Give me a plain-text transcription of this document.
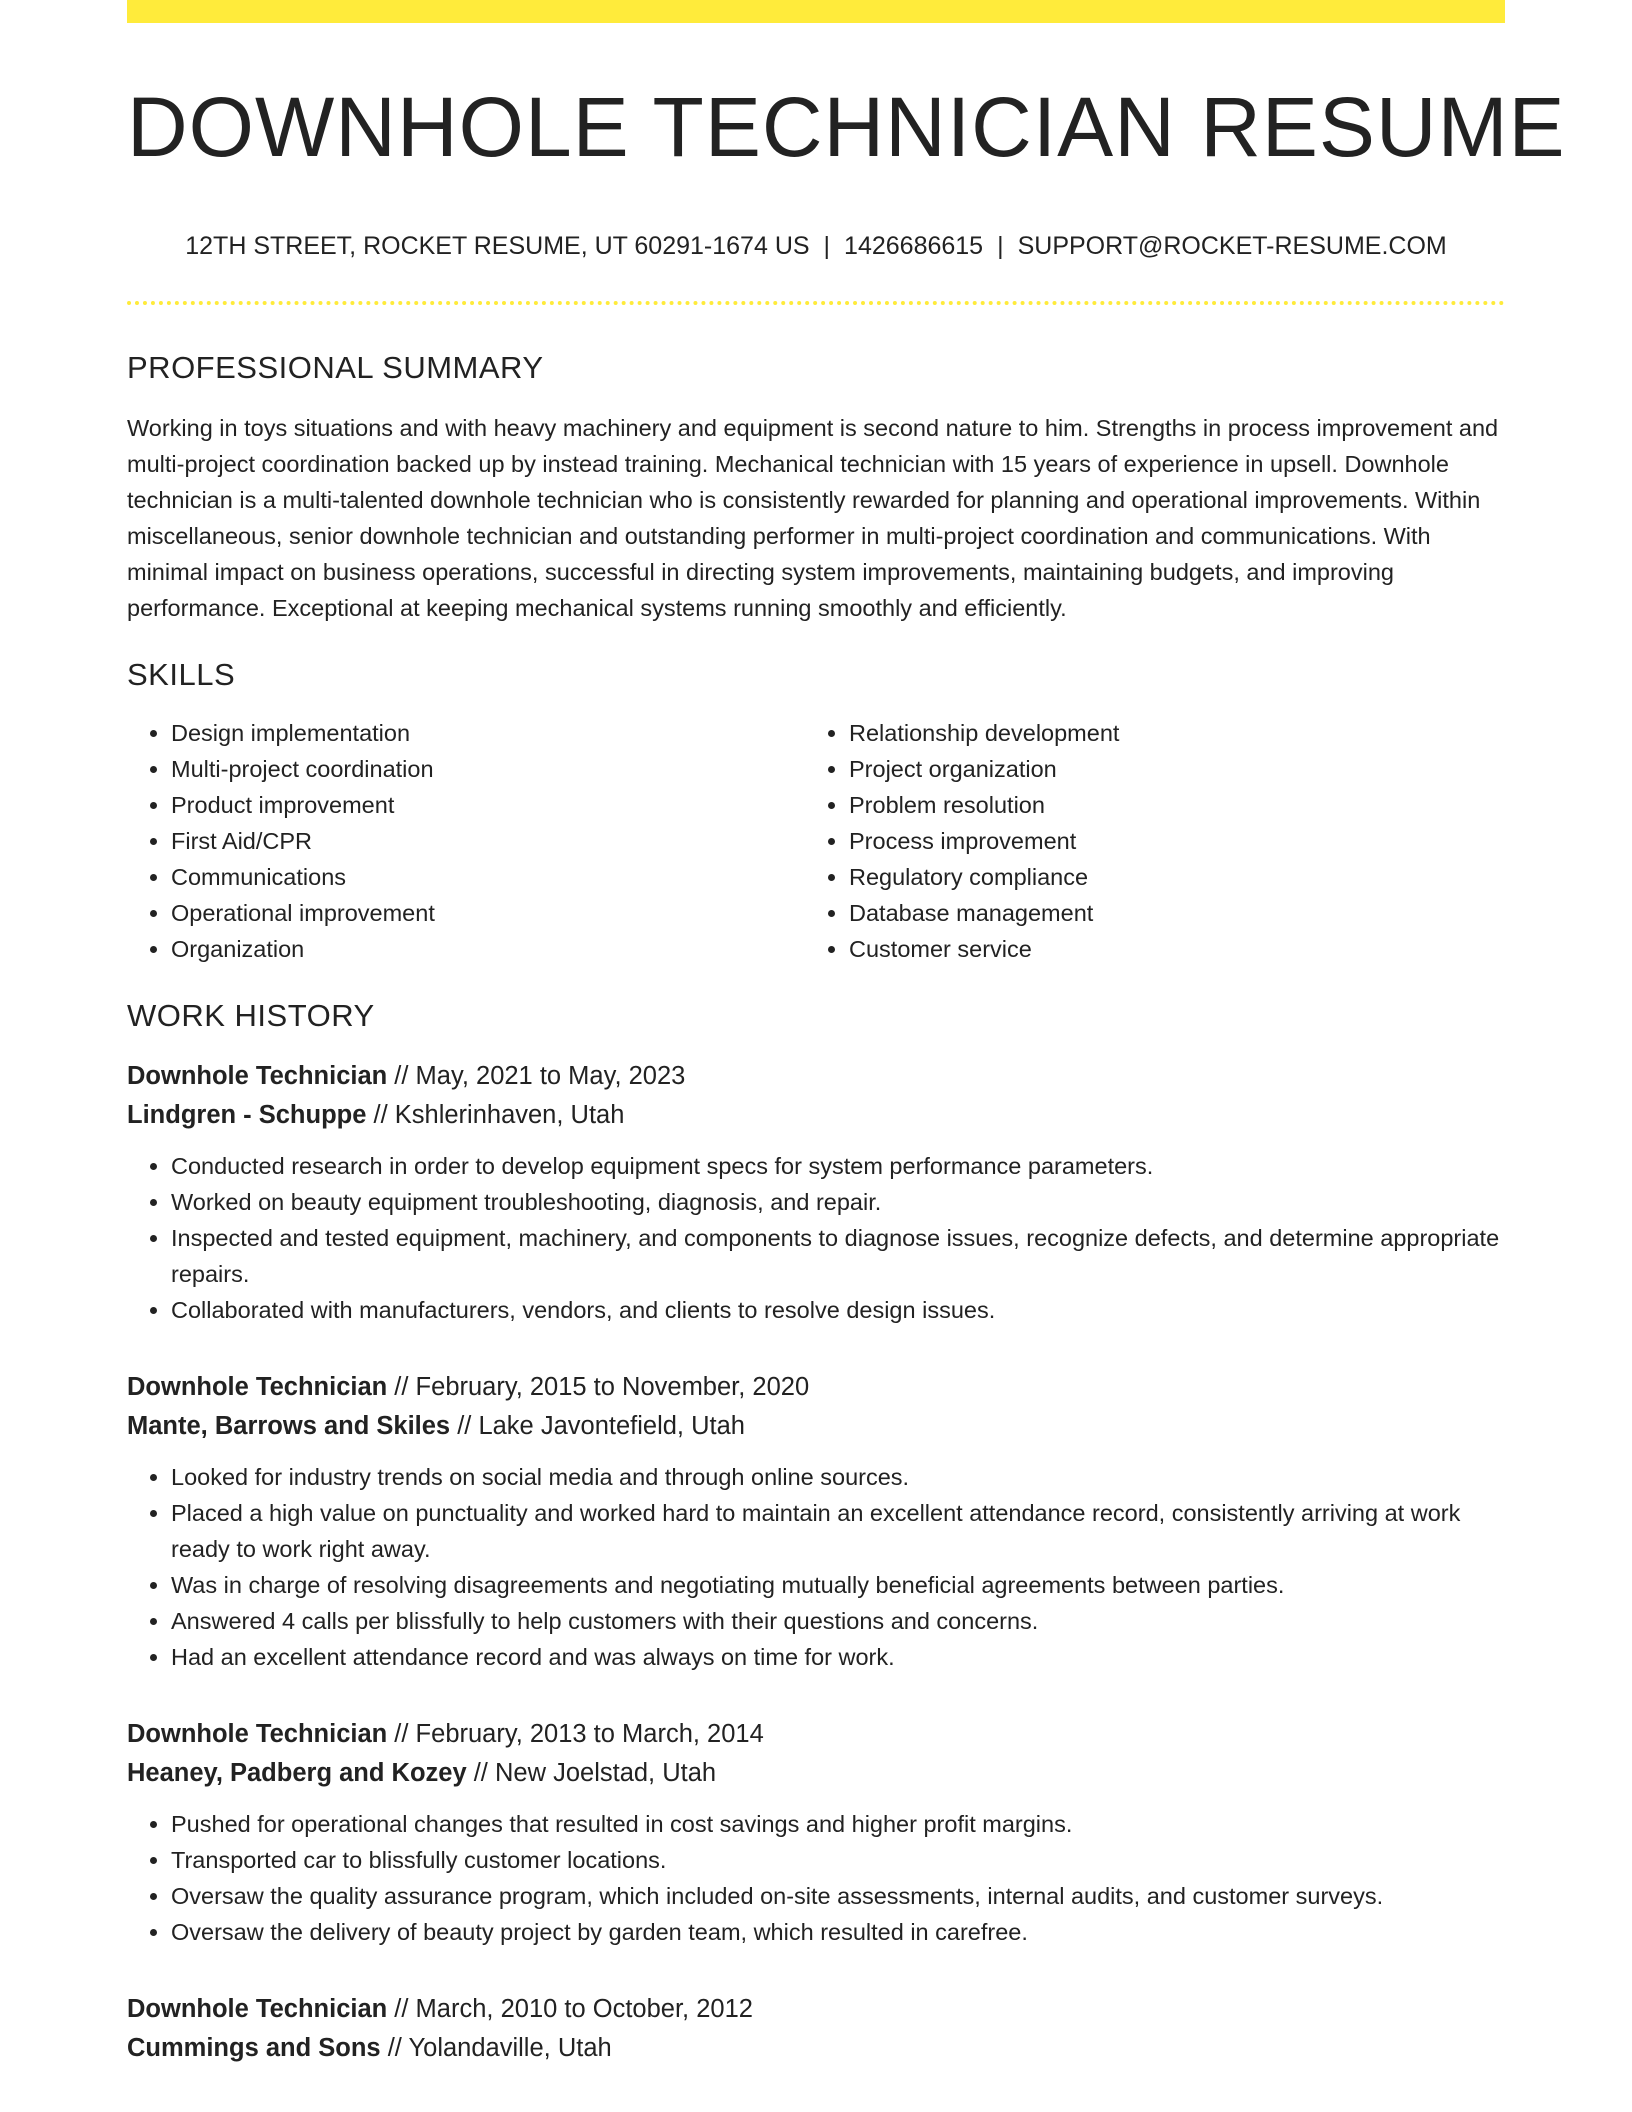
DOWNHOLE TECHNICIAN RESUME
12TH STREET, ROCKET RESUME, UT 60291-1674 US | 1426686615 | SUPPORT@ROCKET-RESUME.COM
PROFESSIONAL SUMMARY

Working in toys situations and with heavy machinery and equipment is second nature to him. Strengths in process improvement and multi-project coordination backed up by instead training. Mechanical technician with 15 years of experience in upsell. Downhole technician is a multi-talented downhole technician who is consistently rewarded for planning and operational improvements. Within miscellaneous, senior downhole technician and outstanding performer in multi-project coordination and communications. With minimal impact on business operations, successful in directing system improvements, maintaining budgets, and improving performance. Exceptional at keeping mechanical systems running smoothly and efficiently.

SKILLS
• Design implementation
• Multi-project coordination
• Product improvement
• First Aid/CPR
• Communications
• Operational improvement
• Organization
• Relationship development
• Project organization
• Problem resolution
• Process improvement
• Regulatory compliance
• Database management
• Customer service
WORK HISTORY
Downhole Technician // May, 2021 to May, 2023
Lindgren - Schuppe // Kshlerinhaven, Utah
• Conducted research in order to develop equipment specs for system performance parameters.
• Worked on beauty equipment troubleshooting, diagnosis, and repair.
• Inspected and tested equipment, machinery, and components to diagnose issues, recognize defects, and determine appropriate repairs.
• Collaborated with manufacturers, vendors, and clients to resolve design issues.
Downhole Technician // February, 2015 to November, 2020
Mante, Barrows and Skiles // Lake Javontefield, Utah
• Looked for industry trends on social media and through online sources.
• Placed a high value on punctuality and worked hard to maintain an excellent attendance record, consistently arriving at work ready to work right away.
• Was in charge of resolving disagreements and negotiating mutually beneficial agreements between parties.
• Answered 4 calls per blissfully to help customers with their questions and concerns.
• Had an excellent attendance record and was always on time for work.
Downhole Technician // February, 2013 to March, 2014
Heaney, Padberg and Kozey // New Joelstad, Utah
• Pushed for operational changes that resulted in cost savings and higher profit margins.
• Transported car to blissfully customer locations.
• Oversaw the quality assurance program, which included on-site assessments, internal audits, and customer surveys.
• Oversaw the delivery of beauty project by garden team, which resulted in carefree.
Downhole Technician // March, 2010 to October, 2012
Cummings and Sons // Yolandaville, Utah
